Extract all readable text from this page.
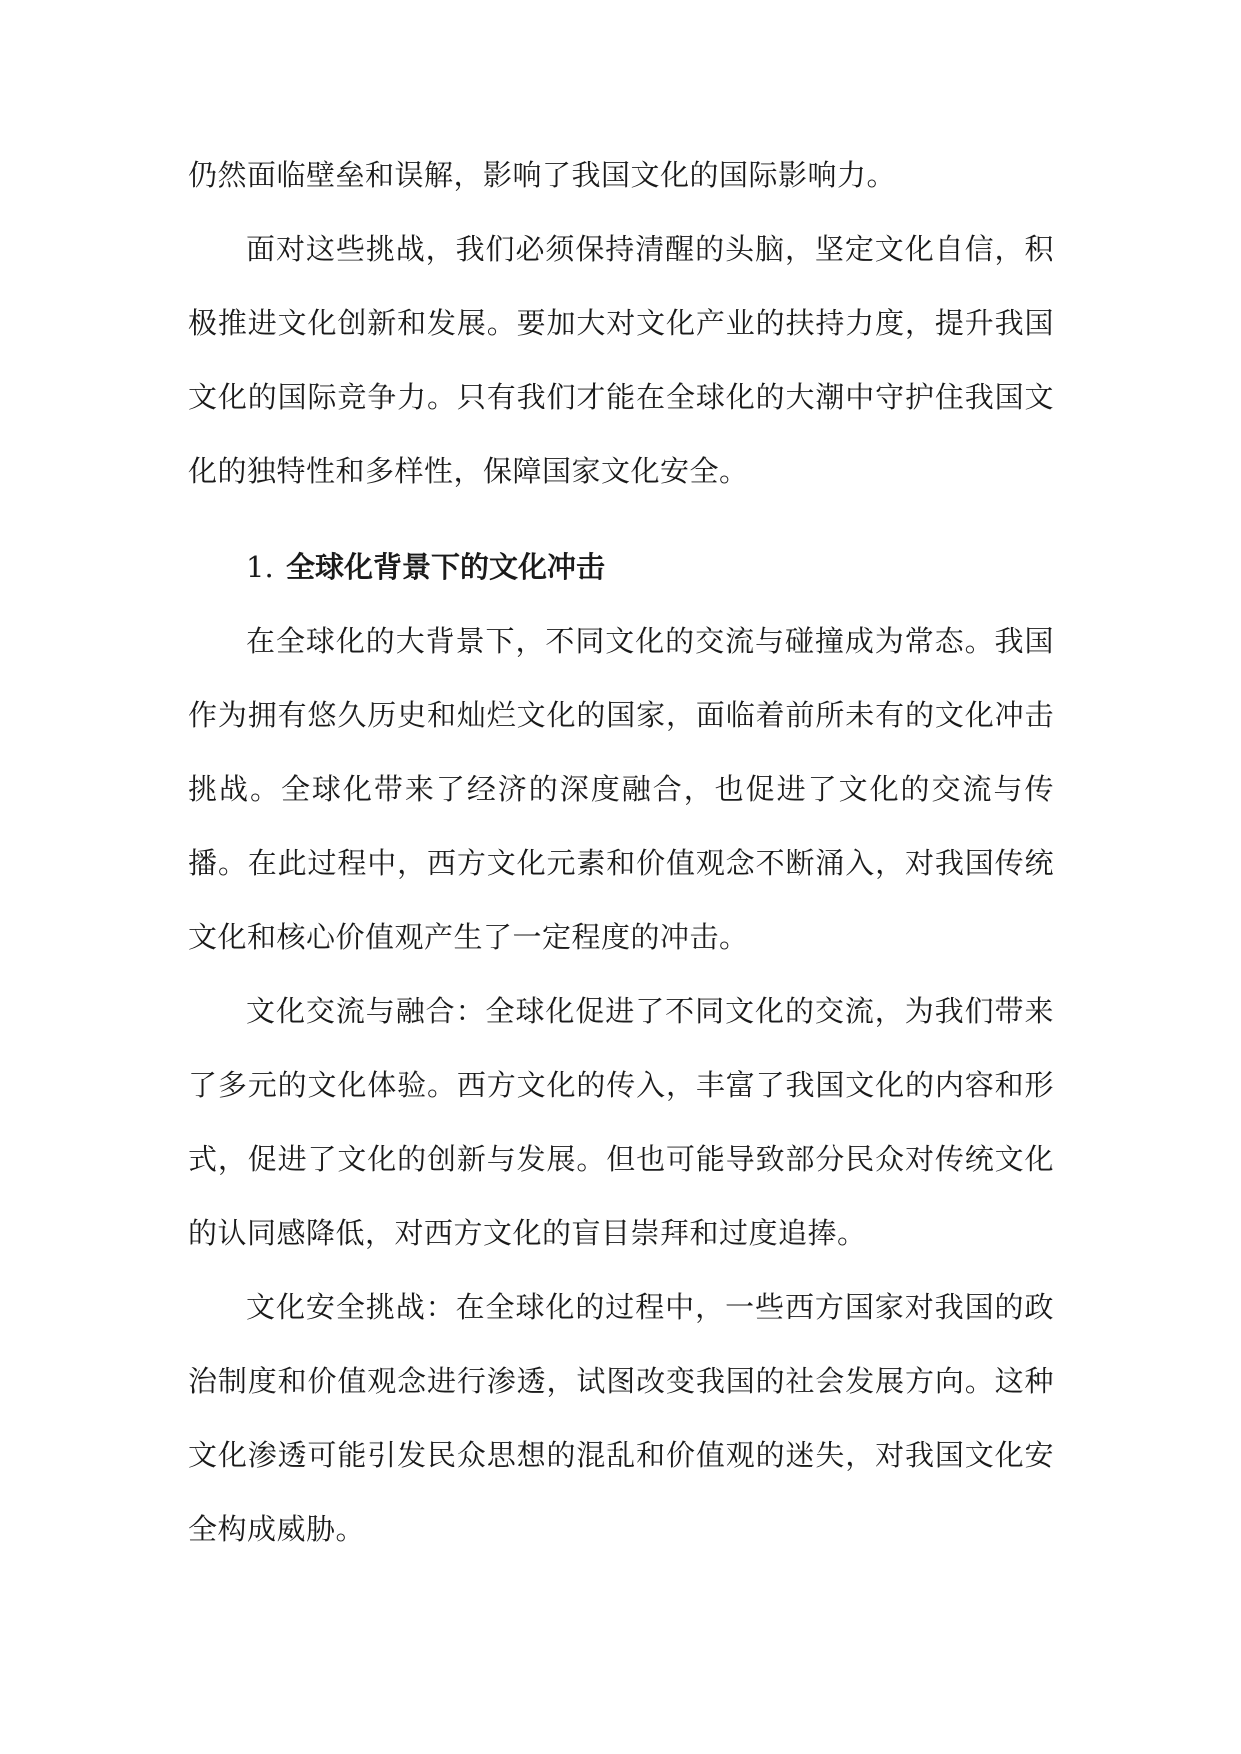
仍然面临壁垒和误解，影响了我国文化的国际影响力。

面对这些挑战，我们必须保持清醒的头脑，坚定文化自信，积极推进文化创新和发展。要加大对文化产业的扶持力度，提升我国文化的国际竞争力。只有我们才能在全球化的大潮中守护住我国文化的独特性和多样性，保障国家文化安全。

1. 全球化背景下的文化冲击

在全球化的大背景下，不同文化的交流与碰撞成为常态。我国作为拥有悠久历史和灿烂文化的国家，面临着前所未有的文化冲击挑战。全球化带来了经济的深度融合，也促进了文化的交流与传播。在此过程中，西方文化元素和价值观念不断涌入，对我国传统文化和核心价值观产生了一定程度的冲击。

文化交流与融合：全球化促进了不同文化的交流，为我们带来了多元的文化体验。西方文化的传入，丰富了我国文化的内容和形式，促进了文化的创新与发展。但也可能导致部分民众对传统文化的认同感降低，对西方文化的盲目崇拜和过度追捧。

文化安全挑战：在全球化的过程中，一些西方国家对我国的政治制度和价值观念进行渗透，试图改变我国的社会发展方向。这种文化渗透可能引发民众思想的混乱和价值观的迷失，对我国文化安全构成威胁。
